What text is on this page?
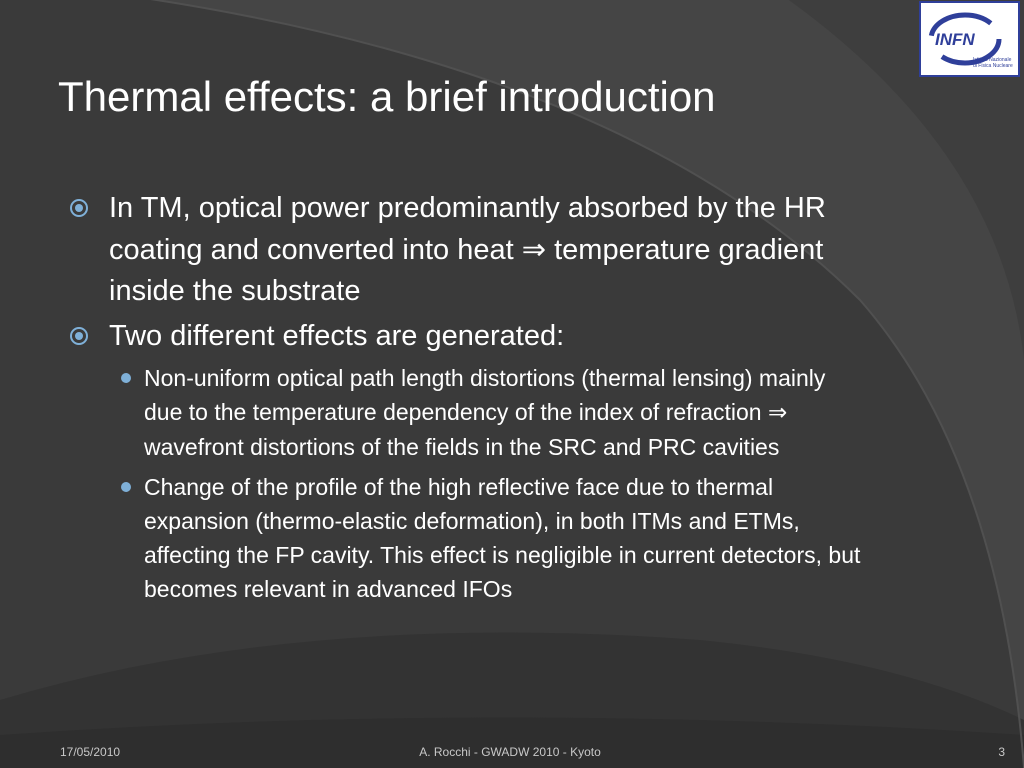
INFN
Istituto Nazionale
di Fisica Nucleare
Thermal effects: a brief introduction
In TM, optical power predominantly absorbed by the HR coating and converted into heat ⇒ temperature gradient inside the substrate
Two different effects are generated:
Non-uniform optical path length distortions (thermal lensing) mainly due to the temperature dependency of the index of refraction ⇒ wavefront distortions of the fields in the SRC and PRC cavities
Change of the profile of the high reflective face due to thermal expansion (thermo-elastic deformation), in both ITMs and ETMs, affecting the FP cavity. This effect is negligible in current detectors, but becomes relevant in advanced IFOs
17/05/2010	A. Rocchi - GWADW 2010 - Kyoto	3
